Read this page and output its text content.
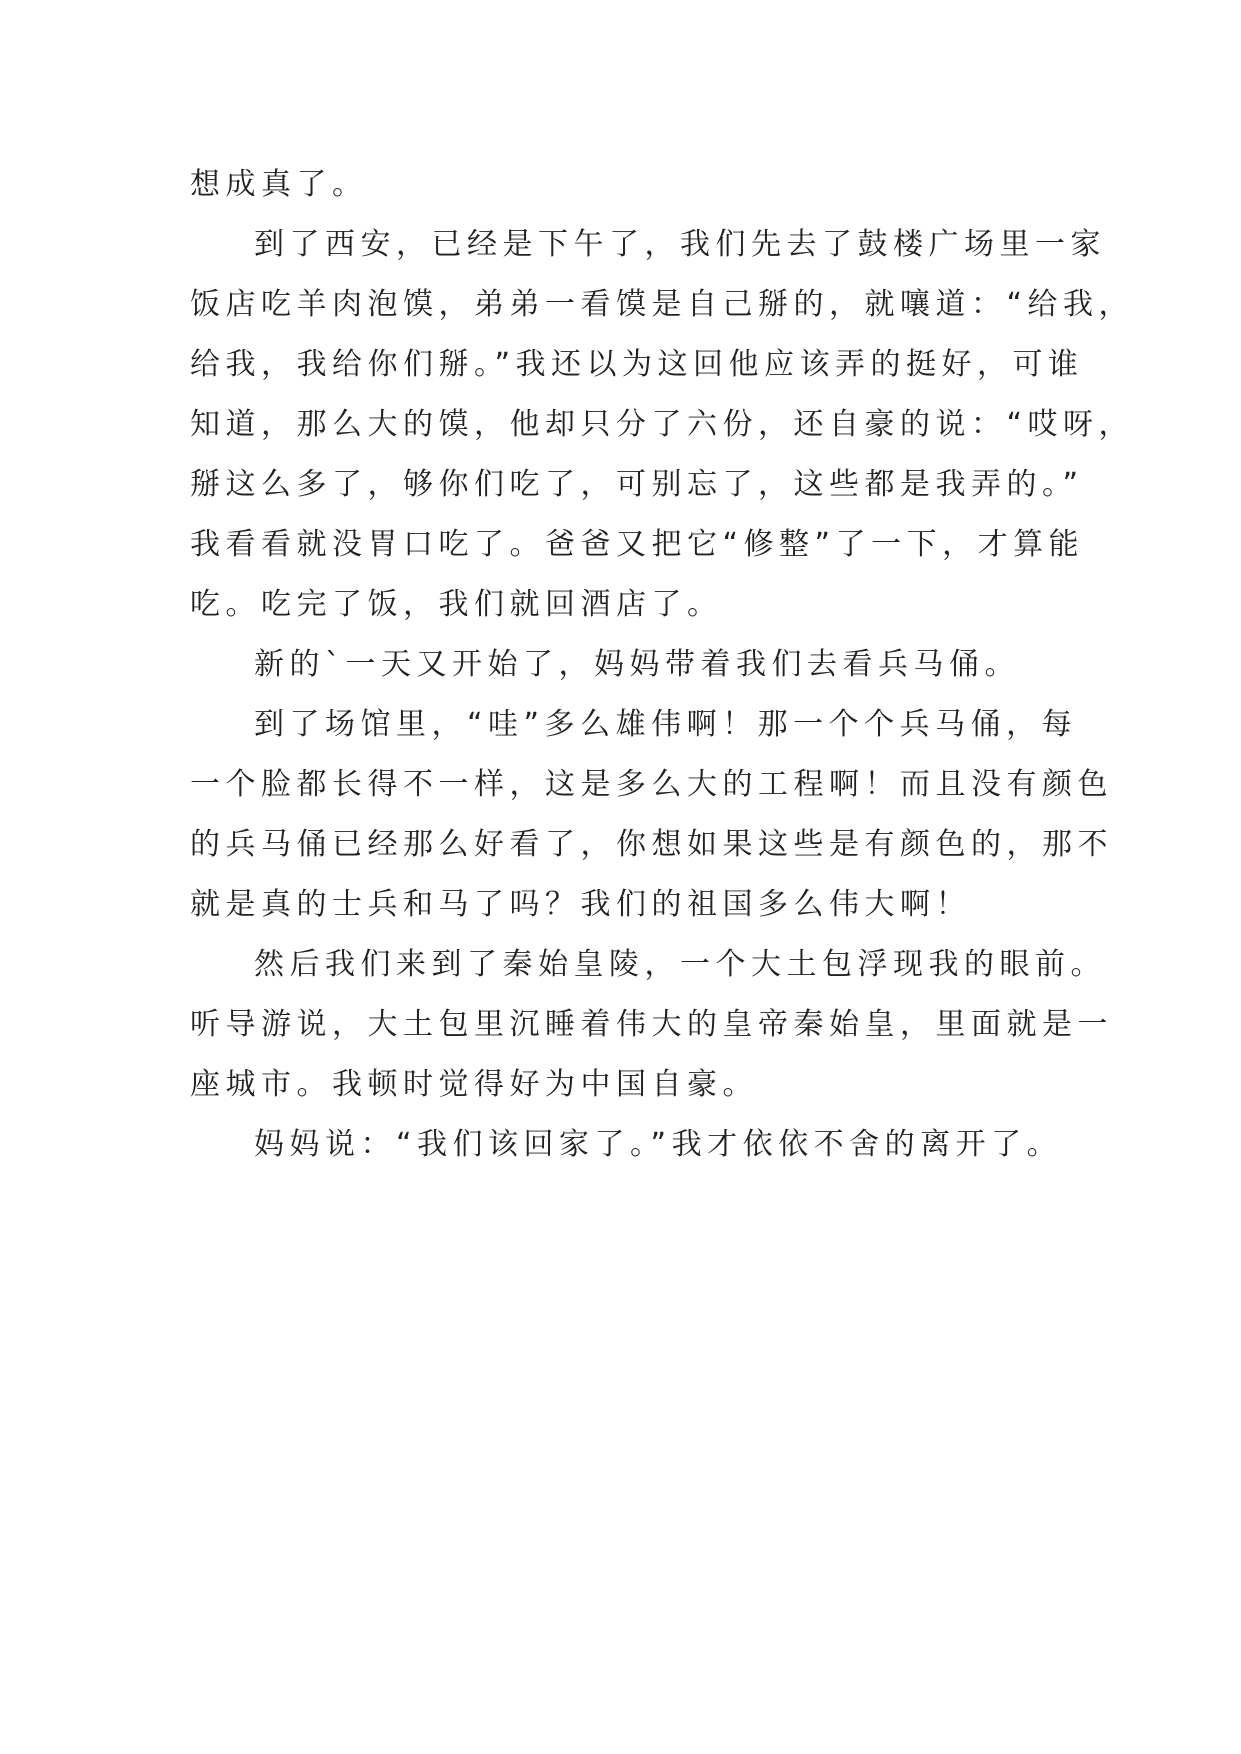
想成真了。
到了西安，已经是下午了，我们先去了鼓楼广场里一家
饭店吃羊肉泡馍，弟弟一看馍是自己掰的，就嚷道：“给我，
给我，我给你们掰。”我还以为这回他应该弄的挺好，可谁
知道，那么大的馍，他却只分了六份，还自豪的说：“哎呀，
掰这么多了，够你们吃了，可别忘了，这些都是我弄的。”
我看看就没胃口吃了。爸爸又把它“修整”了一下，才算能
吃。吃完了饭，我们就回酒店了。
新的`一天又开始了，妈妈带着我们去看兵马俑。
到了场馆里，“哇”多么雄伟啊！那一个个兵马俑，每
一个脸都长得不一样，这是多么大的工程啊！而且没有颜色
的兵马俑已经那么好看了，你想如果这些是有颜色的，那不
就是真的士兵和马了吗？我们的祖国多么伟大啊！
然后我们来到了秦始皇陵，一个大土包浮现我的眼前。
听导游说，大土包里沉睡着伟大的皇帝秦始皇，里面就是一
座城市。我顿时觉得好为中国自豪。
妈妈说：“我们该回家了。”我才依依不舍的离开了。
